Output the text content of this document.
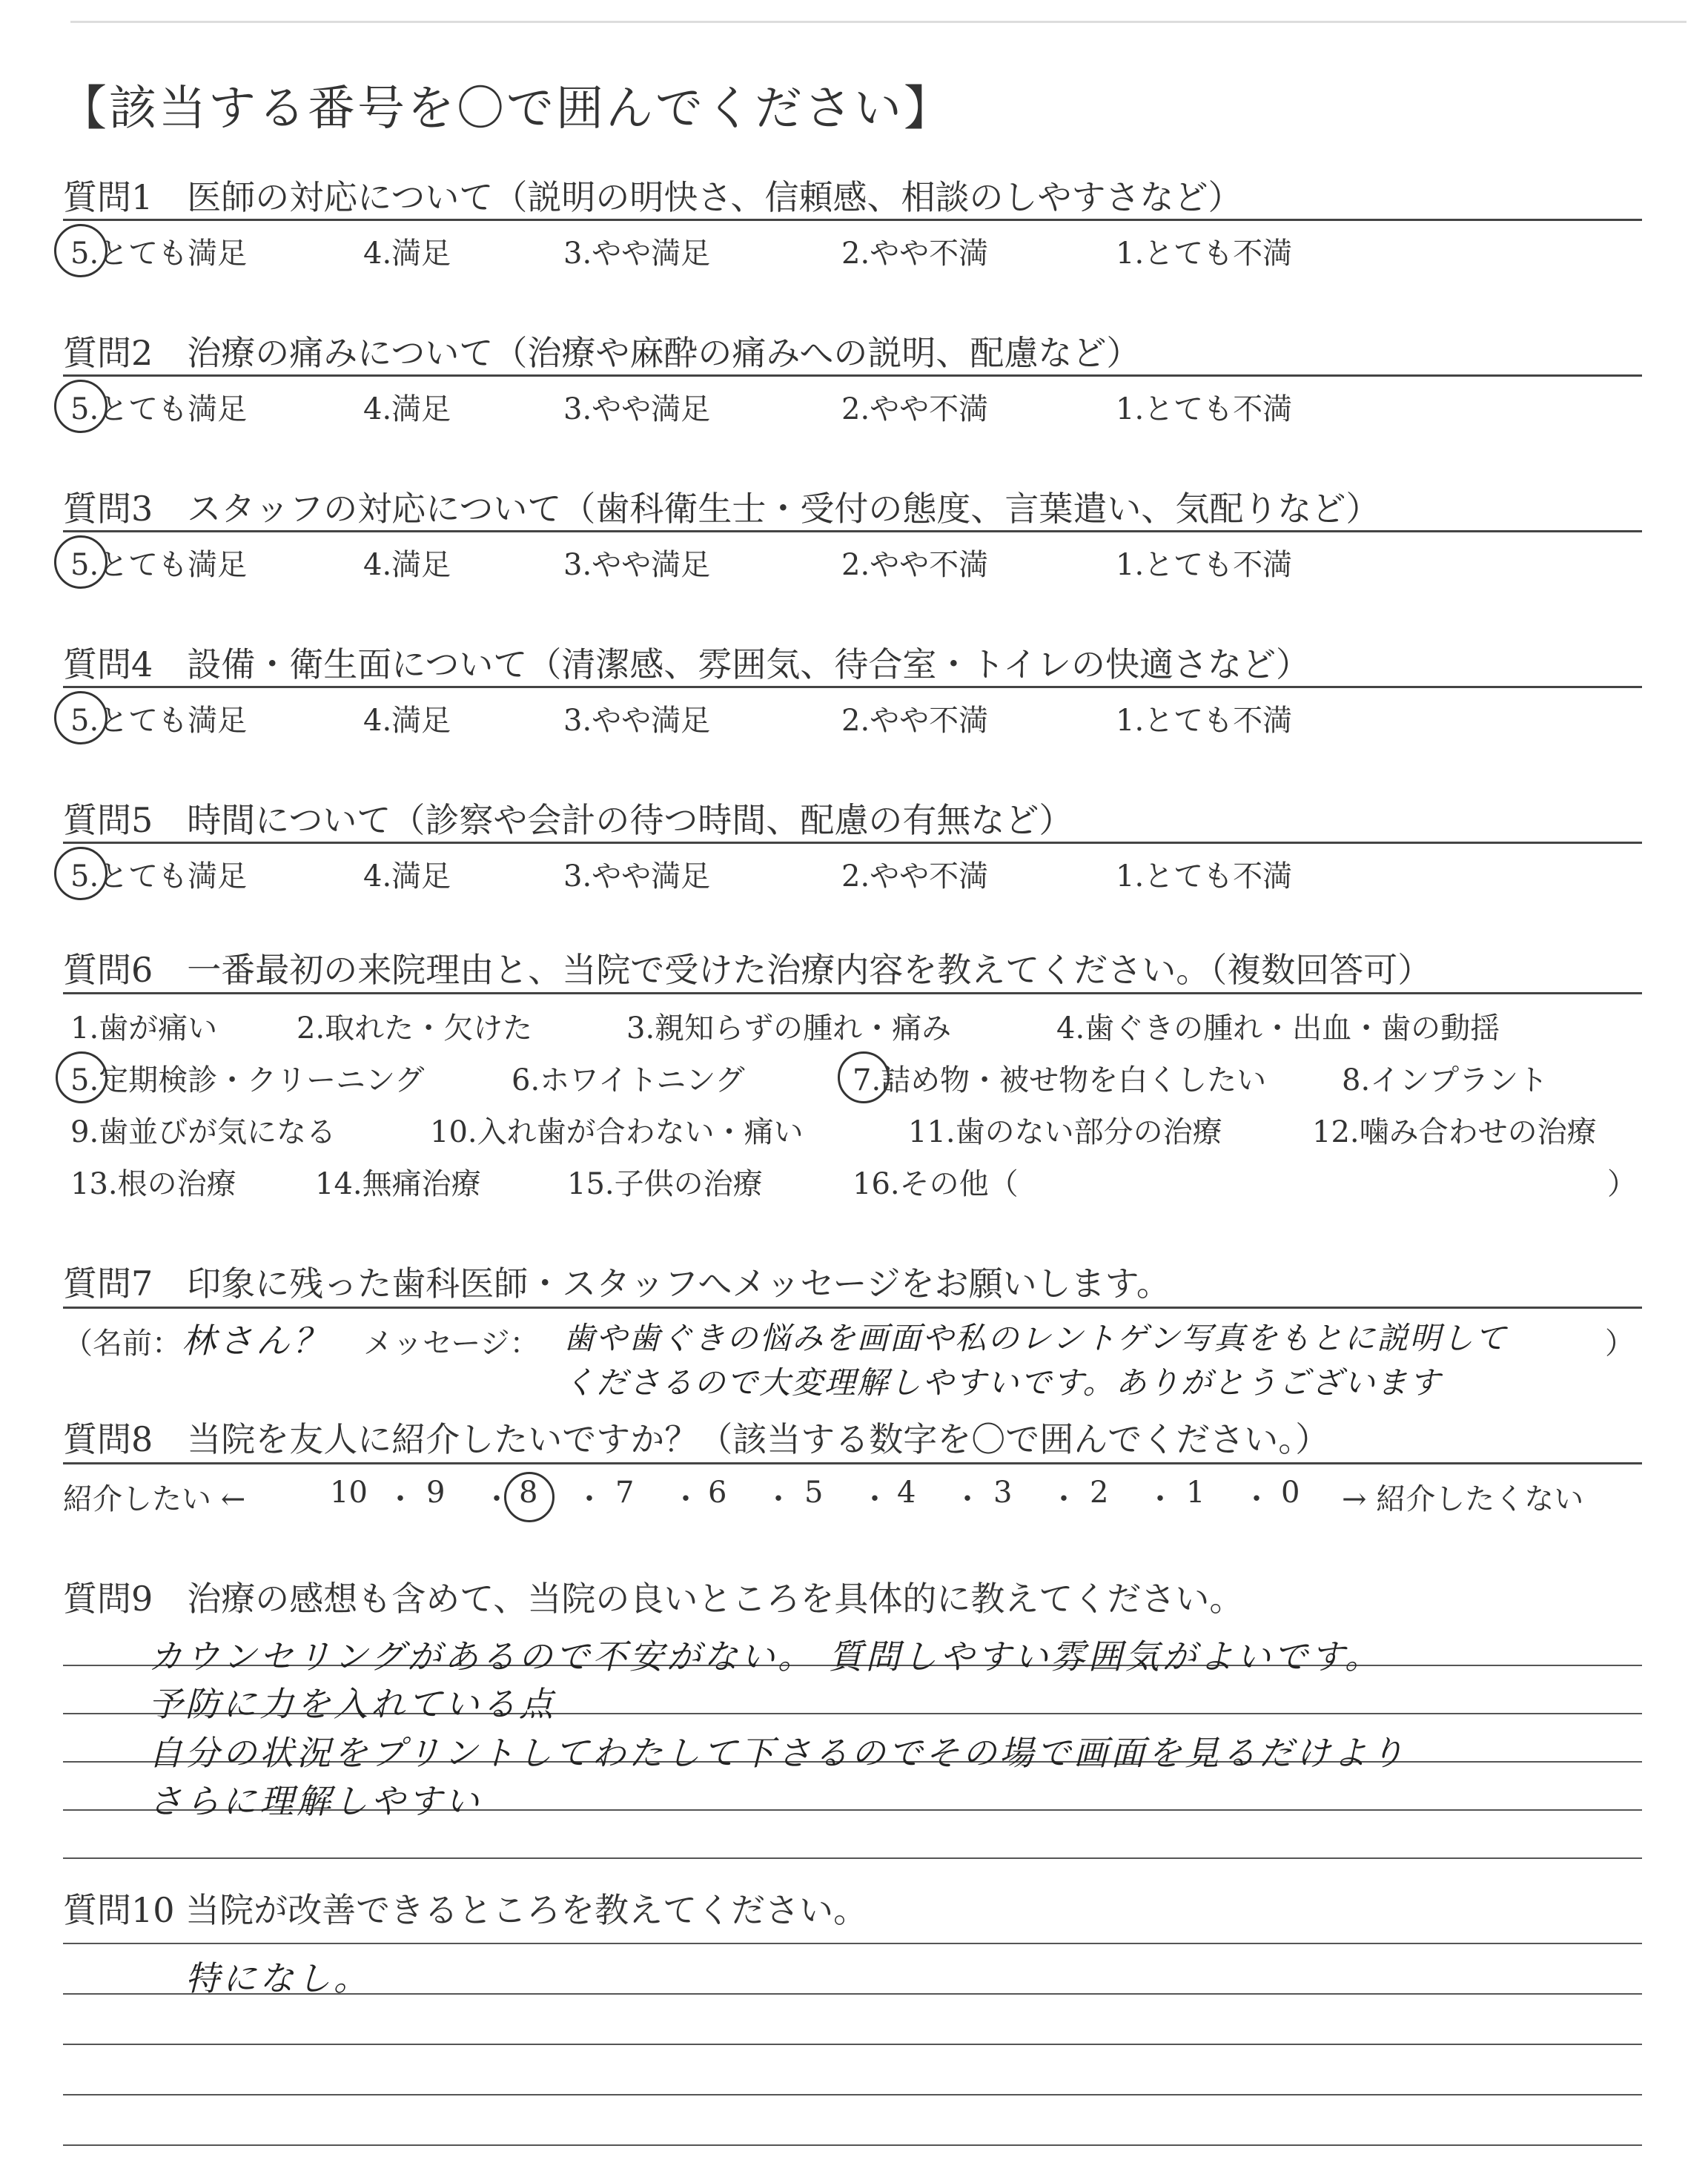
【該当する番号を〇で囲んでください】
質問1　医師の対応について（説明の明快さ、信頼感、相談のしやすさなど）
5.とても満足	4.満足	3.やや満足	2.やや不満	1.とても不満
質問2　治療の痛みについて（治療や麻酔の痛みへの説明、配慮など）
5.とても満足	4.満足	3.やや満足	2.やや不満	1.とても不満
質問3　スタッフの対応について（歯科衛生士・受付の態度、言葉遣い、気配りなど）
5.とても満足	4.満足	3.やや満足	2.やや不満	1.とても不満
質問4　設備・衛生面について（清潔感、雰囲気、待合室・トイレの快適さなど）
5.とても満足	4.満足	3.やや満足	2.やや不満	1.とても不満
質問5　時間について（診察や会計の待つ時間、配慮の有無など）
5.とても満足	4.満足	3.やや満足	2.やや不満	1.とても不満
質問6　一番最初の来院理由と、当院で受けた治療内容を教えてください。（複数回答可）
1.歯が痛い	2.取れた・欠けた	3.親知らずの腫れ・痛み	4.歯ぐきの腫れ・出血・歯の動揺
5.定期検診・クリーニング	6.ホワイトニング	7.詰め物・被せ物を白くしたい	8.インプラント
9.歯並びが気になる	10.入れ歯が合わない・痛い	11.歯のない部分の治療	12.噛み合わせの治療
13.根の治療	14.無痛治療	15.子供の治療	16.その他（	）
質問7　印象に残った歯科医師・スタッフへメッセージをお願いします。
（名前： 林さん？ メッセージ： 歯や歯ぐきの悩みを画面や私のレントゲン写真をもとに説明して
くださるので大変理解しやすいです。ありがとうございます
）
質問8　当院を友人に紹介したいですか？（該当する数字を〇で囲んでください。）
紹介したい ←	10 ・ 9 ・ 8 ・ 7 ・ 6 ・ 5 ・ 4 ・ 3 ・ 2 ・ 1 ・ 0 → 紹介したくない
質問9　治療の感想も含めて、当院の良いところを具体的に教えてください。
カウンセリングがあるので不安がない。 質問しやすい雰囲気がよいです。
予防に力を入れている点
自分の状況をプリントしてわたして下さるのでその場で画面を見るだけより
さらに理解しやすい
質問10 当院が改善できるところを教えてください。
特になし。
